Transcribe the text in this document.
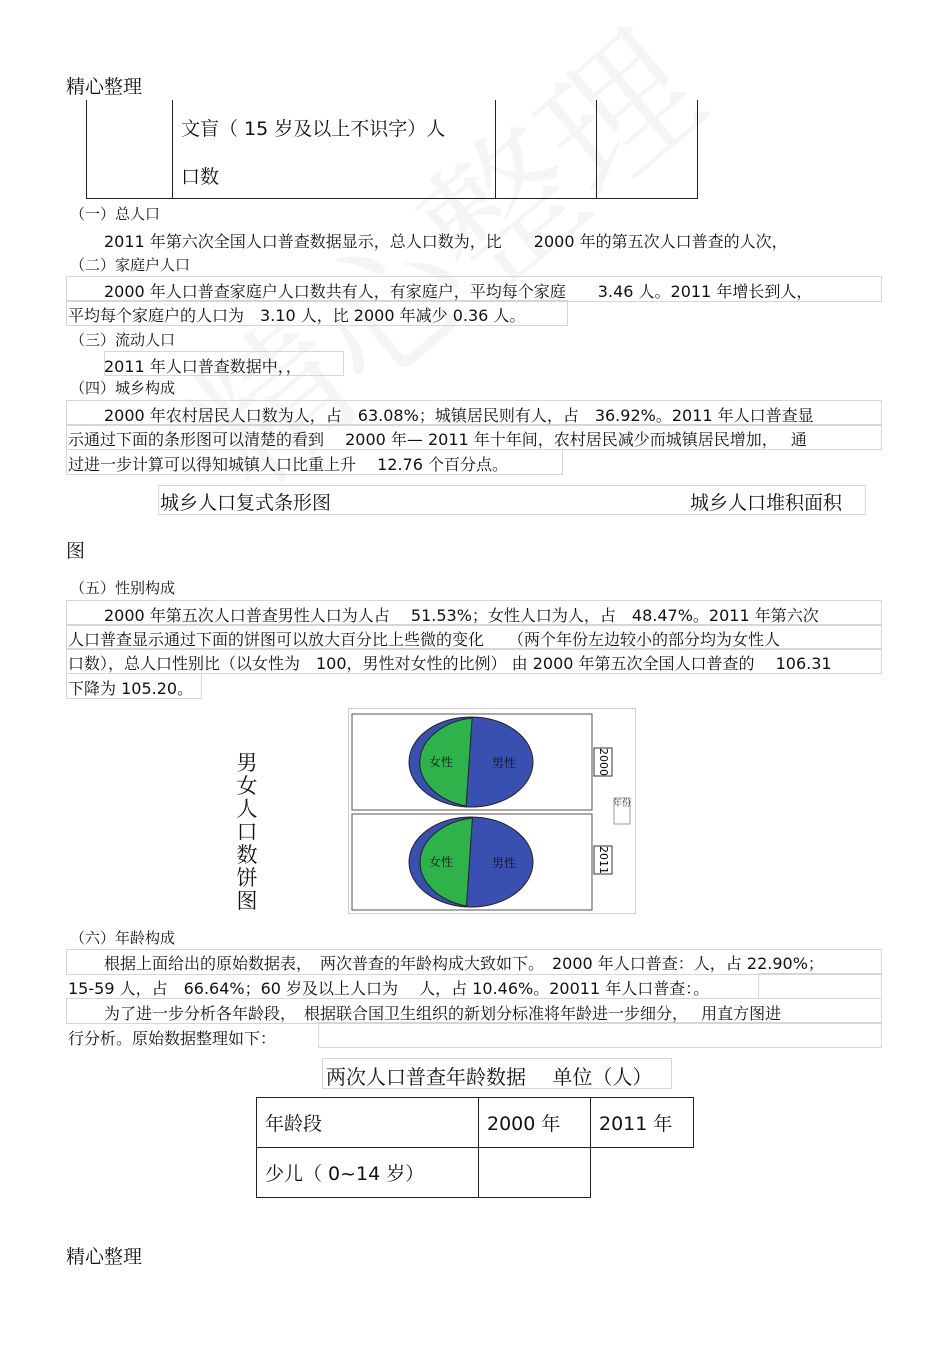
精心整理
文盲（ 15 岁及以上不识字）人
口数
（一）总人口
2011 年第六次全国人口普查数据显示，总人口数为，比　　2000 年的第五次人口普查的人次，
（二）家庭户人口
2000 年人口普查家庭户人口数共有人，有家庭户，平均每个家庭　　3.46 人。2011 年增长到人，
平均每个家庭户的人口为　3.10 人，比 2000 年减少 0.36 人。
（三）流动人口
2011 年人口普查数据中，，
（四）城乡构成
2000 年农村居民人口数为人，占　63.08%；城镇居民则有人，占　36.92%。2011 年人口普查显
示通过下面的条形图可以清楚的看到　 2000 年— 2011 年十年间，农村居民减少而城镇居民增加，　 通
过进一步计算可以得知城镇人口比重上升　 12.76 个百分点。
城乡人口复式条形图	城乡人口堆积面积
图
（五）性别构成
2000 年第五次人口普查男性人口为人占　 51.53%；女性人口为人，占　48.47%。2011 年第六次
人口普查显示通过下面的饼图可以放大百分比上些微的变化　　（两个年份左边较小的部分均为女性人
口数），总人口性别比（以女性为　100，男性对女性的比例） 由 2000 年第五次全国人口普查的　 106.31
下降为 105.20。
男
女
人
口
数
饼
图
女性	男性
女性	男性
2000
2011
年份
（六）年龄构成
根据上面给出的原始数据表，　两次普查的年龄构成大致如下。　2000 年人口普查：人，占 22.90%；
15-59 人，占　66.64%；60 岁及以上人口为　 人，占 10.46%。20011 年人口普查：。
为了进一步分析各年龄段，　根据联合国卫生组织的新划分标准将年龄进一步细分，　 用直方图进
行分析。原始数据整理如下：
两次人口普查年龄数据　 单位（人）
年龄段	2000 年	2011 年
少儿（ 0~14 岁）		
精心整理
